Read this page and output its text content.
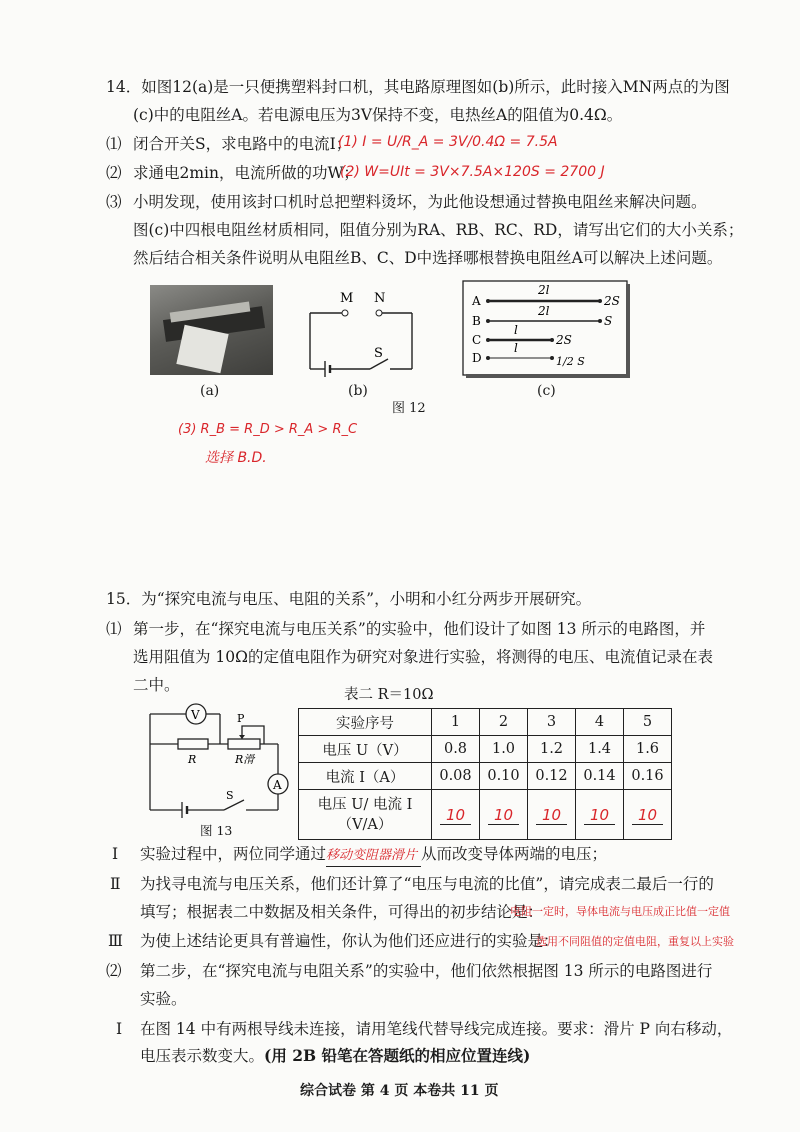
14．如图12(a)是一只便携塑料封口机，其电路原理图如(b)所示，此时接入MN两点的为图
(c)中的电阻丝A。若电源电压为3V保持不变，电热丝A的阻值为0.4Ω。
⑴ 闭合开关S，求电路中的电流I；
(1) I = U/R_A = 3V/0.4Ω = 7.5A
⑵ 求通电2min，电流所做的功W；
(2) W=UIt = 3V×7.5A×120S = 2700 J
⑶ 小明发现，使用该封口机时总把塑料烫坏，为此他设想通过替换电阻丝来解决问题。
图(c)中四根电阻丝材质相同，阻值分别为RA、RB、RC、RD，请写出它们的大小关系；
然后结合相关条件说明从电阻丝B、C、D中选择哪根替换电阻丝A可以解决上述问题。
(a)
M N
S
(b)
A
2l
2S
B
2l
S
C
l
2S
D
l
1/2 S
(c)
图 12
(3) R_B = R_D > R_A > R_C
选择 B.D.
15．为“探究电流与电压、电阻的关系”，小明和小红分两步开展研究。
⑴ 第一步，在“探究电流与电压关系”的实验中，他们设计了如图 13 所示的电路图，并
选用阻值为 10Ω的定值电阻作为研究对象进行实验，将测得的电压、电流值记录在表
二中。
表二 R＝10Ω
A
V	P
R	R滑
S
图 13
实验序号	1	2	3	4	5
电压 U（V）	0.8	1.0	1.2	1.4	1.6
电流 I（A）	0.08	0.10	0.12	0.14	0.16
电压 U/ 电流 I
（V/A）	10	10	10	10	10
Ⅰ 实验过程中，两位同学通过移动变阻器滑片 从而改变导体两端的电压；
Ⅱ 为找寻电流与电压关系，他们还计算了“电压与电流的比值”，请完成表二最后一行的
填写；根据表二中数据及相关条件，可得出的初步结论是：
电阻一定时，导体电流与电压成正比值一定值
Ⅲ 为使上述结论更具有普遍性，你认为他们还应进行的实验是：
选用不同阻值的定值电阻，重复以上实验
⑵ 第二步，在“探究电流与电阻关系”的实验中，他们依然根据图 13 所示的电路图进行
实验。
Ⅰ 在图 14 中有两根导线未连接，请用笔线代替导线完成连接。要求：滑片 P 向右移动，
电压表示数变大。(用 2B 铅笔在答题纸的相应位置连线)
综合试卷 第 4 页 本卷共 11 页
